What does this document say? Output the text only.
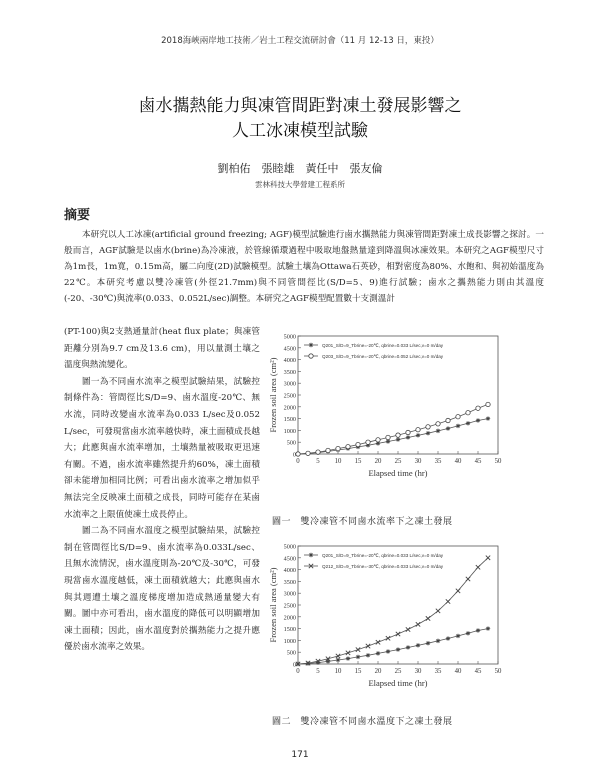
2018海峽兩岸地工技術／岩土工程交流研討會（11 月 12-13 日，東投）
鹵水攜熱能力與凍管間距對凍土發展影響之
人工冰凍模型試驗
劉柏佑　張睦雄　黃任中　張友倫
雲林科技大學營建工程系所
摘要

本研究以人工冰凍(artificial ground freezing; AGF)模型試驗進行鹵水攜熱能力與凍管間距對凍土成長影響之探討。一般而言，AGF試驗是以鹵水(brine)為冷凍液，於管線循環過程中吸取地盤熱量達到降溫與冰凍效果。本研究之AGF模型尺寸為1m長，1m寬，0.15m高，屬二向度(2D)試驗模型。試驗土壤為Ottawa石英砂，相對密度為80%、水飽和、與初始溫度為22℃。本研究考慮以雙冷凍管(外徑21.7mm)與不同管間徑比(S/D=5、9)進行試驗；鹵水之攜熱能力則由其溫度(-20、-30℃)與流率(0.033、0.052L/sec)調整。本研究之AGF模型配置數十支測溫計

(PT-100)與2支熱通量計(heat flux plate；與凍管距離分別為9.7 cm及13.6 cm)，用以量測土壤之溫度與熱流變化。

圖一為不同鹵水流率之模型試驗結果，試驗控制條件為：管間徑比S/D=9、鹵水溫度-20℃、無水流，同時改變鹵水流率為0.033 L/sec及0.052 L/sec，可發現當鹵水流率越快時，凍土面積成長越大；此應與鹵水流率增加，土壤熱量被吸取更迅速有關。不過，鹵水流率雖然提升約60%，凍土面積卻未能增加相同比例；可看出鹵水流率之增加似乎無法完全反映凍土面積之成長，同時可能存在某鹵水流率之上限值使凍土成長停止。

圖二為不同鹵水溫度之模型試驗結果，試驗控制在管間徑比S/D=9、鹵水流率為0.033L/sec、且無水流情況，鹵水溫度則為-20℃及-30℃，可發現當鹵水溫度越低，凍土面積就越大；此應與鹵水與其週遭土壤之溫度梯度增加造成熱通量變大有關。圖中亦可看出，鹵水溫度的降低可以明顯增加凍土面積；因此，鹵水溫度對於攜熱能力之提升應優於鹵水流率之效果。

0
500
1000
1500
2000
2500
3000
3500
4000
4500
5000
0 5 10 15 20 25 30 35 40 45 50
Elapsed time (hr)
Frozen soil area (cm²)
Q201_S/D=9_Tbrine=-20℃, qbrine=0.033 L/sec,v=0 m/day
Q203_S/D=9_Tbrine=-20℃, qbrine=0.052 L/sec,v=0 m/day
圖一　雙冷凍管不同鹵水流率下之凍土發展
0
500
1000
1500
2000
2500
3000
3500
4000
4500
5000
0 5 10 15 20 25 30 35 40 45 50
Elapsed time (hr)
Frozen soil area (cm²)
Q201_S/D=9_Tbrine=-20℃, qbrine=0.033 L/sec,v=0 m/day
Q212_S/D=9_Tbrine=-30℃, qbrine=0.033 L/sec,v=0 m/day
圖二　雙冷凍管不同鹵水溫度下之凍土發展
171
